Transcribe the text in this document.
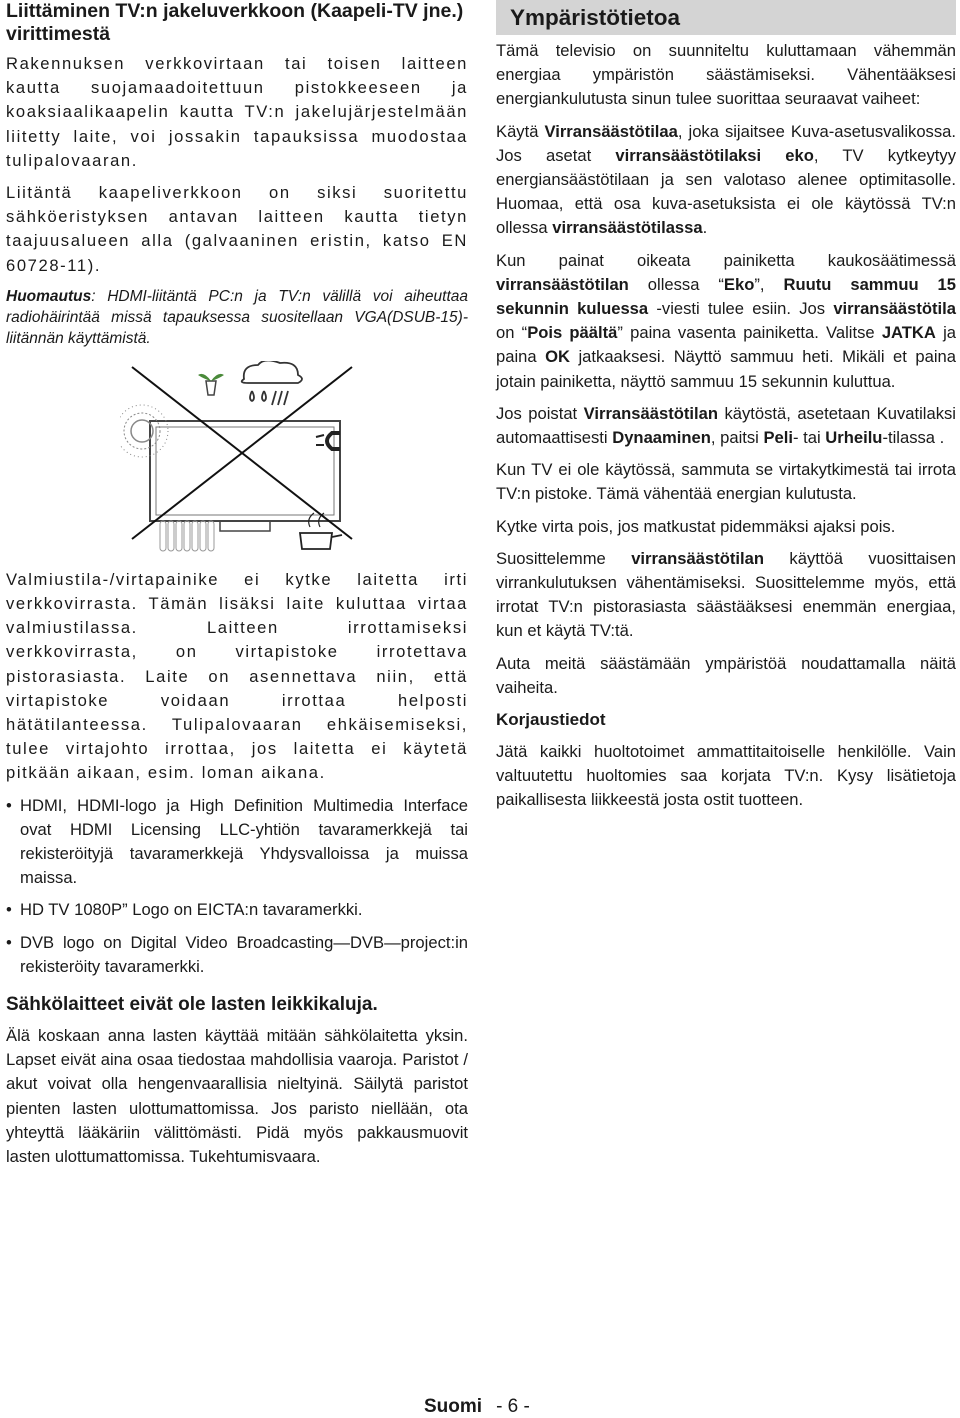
Liittäminen TV:n jakeluverkkoon (Kaapeli-TV jne.) virittimestä

Rakennuksen verkkovirtaan tai toisen laitteen kautta suojamaadoitettuun pistokkeeseen ja koaksiaalikaapelin kautta TV:n jakelujärjestelmään liitetty laite, voi jossakin tapauksissa muodostaa tulipalovaaran.

Liitäntä kaapeliverkkoon on siksi suoritettu sähköeristyksen antavan laitteen kautta tietyn taajuusalueen alla (galvaaninen eristin, katso EN 60728-11).

Huomautus: HDMI-liitäntä PC:n ja TV:n välillä voi aiheuttaa radiohäirintää missä tapauksessa suositellaan VGA(DSUB-15)-liitännän käyttämistä.

Valmiustila-/virtapainike ei kytke laitetta irti verkkovirrasta. Tämän lisäksi laite kuluttaa virtaa valmiustilassa. Laitteen irrottamiseksi verkkovirrasta, on virtapistoke irrotettava pistorasiasta. Laite on asennettava niin, että virtapistoke voidaan irrottaa helposti hätätilanteessa. Tulipalovaaran ehkäisemiseksi, tulee virtajohto irrottaa, jos laitetta ei käytetä pitkään aikaan, esim. loman aikana.

• HDMI, HDMI-logo ja High Definition Multimedia Interface ovat HDMI Licensing LLC-yhtiön tavaramerkkejä tai rekisteröityjä tavaramerkkejä Yhdysvalloissa ja muissa maissa.

• HD TV 1080P” Logo on EICTA:n tavaramerkki.

• DVB logo on Digital Video Broadcasting—DVB—project:in rekisteröity tavaramerkki.

Sähkölaitteet eivät ole lasten leikkikaluja.

Älä koskaan anna lasten käyttää mitään sähkölaitetta yksin. Lapset eivät aina osaa tiedostaa mahdollisia vaaroja. Paristot / akut voivat olla hengenvaarallisia nieltyinä. Säilytä paristot pienten lasten ulottumattomissa. Jos paristo niellään, ota yhteyttä lääkäriin välittömästi. Pidä myös pakkausmuovit lasten ulottumattomissa. Tukehtumisvaara.

Ympäristötietoa

Tämä televisio on suunniteltu kuluttamaan vähemmän energiaa ympäristön säästämiseksi. Vähentääksesi energiankulutusta sinun tulee suorittaa seuraavat vaiheet:

Käytä Virransäästötilaa, joka sijaitsee Kuva-asetusvalikossa. Jos asetat virransäästötilaksi eko, TV kytkeytyy energiansäästötilaan ja sen valotaso alenee optimitasolle. Huomaa, että osa kuva-asetuksista ei ole käytössä TV:n ollessa virransäästötilassa.

Kun painat oikeata painiketta kaukosäätimessä virransäästötilan ollessa “Eko”, Ruutu sammuu 15 sekunnin kuluessa -viesti tulee esiin. Jos virransäästötila on “Pois päältä” paina vasenta painiketta. Valitse JATKA ja paina OK jatkaaksesi. Näyttö sammuu heti. Mikäli et paina jotain painiketta, näyttö sammuu 15 sekunnin kuluttua.

Jos poistat Virransäästötilan käytöstä, asetetaan Kuvatilaksi automaattisesti Dynaaminen, paitsi Peli- tai Urheilu-tilassa .

Kun TV ei ole käytössä, sammuta se virtakytkimestä tai irrota TV:n pistoke. Tämä vähentää energian kulutusta.

Kytke virta pois, jos matkustat pidemmäksi ajaksi pois.

Suosittelemme virransäästötilan käyttöä vuosittaisen virrankulutuksen vähentämiseksi. Suosittelemme myös, että irrotat TV:n pistorasiasta säästääksesi enemmän energiaa, kun et käytä TV:tä.

Auta meitä säästämään ympäristöä noudattamalla näitä vaiheita.

Korjaustiedot

Jätä kaikki huoltotoimet ammattitaitoiselle henkilölle. Vain valtuutettu huoltomies saa korjata TV:n. Kysy lisätietoja paikallisesta liikkeestä josta ostit tuotteen.

Suomi - 6 -
